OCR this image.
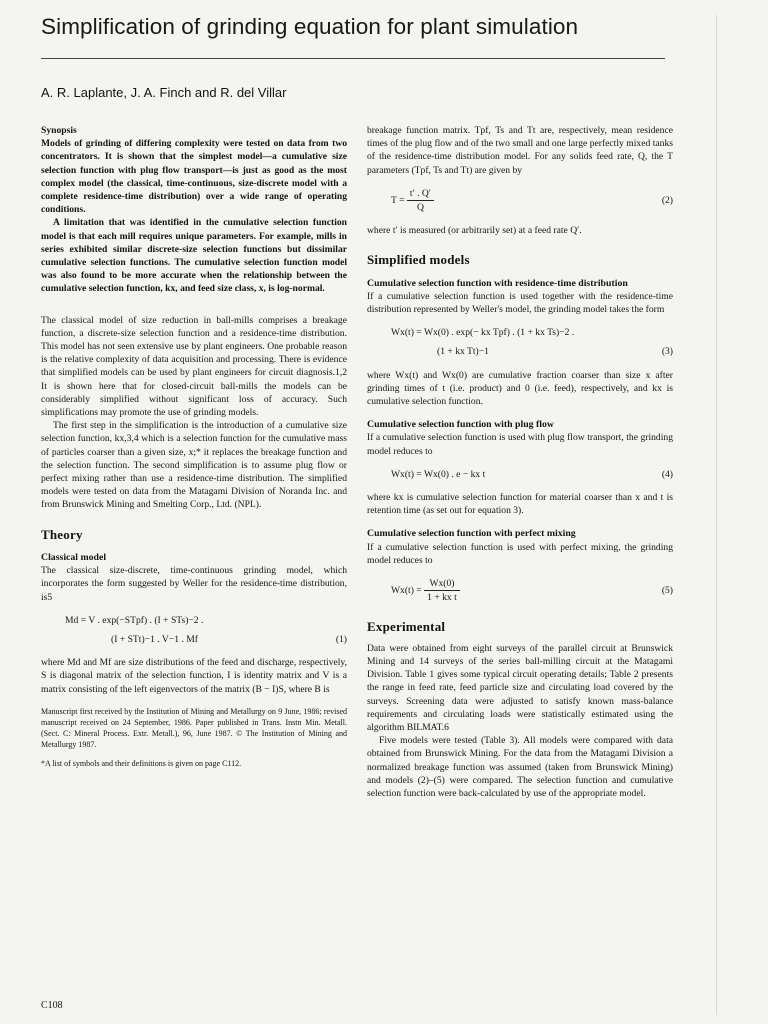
Simplification of grinding equation for plant simulation
A. R. Laplante, J. A. Finch and R. del Villar

Synopsis

Models of grinding of differing complexity were tested on data from two concentrators. It is shown that the simplest model—a cumulative size selection function with plug flow transport—is just as good as the most complex model (the classical, time-continuous, size-discrete model with a complete residence-time distribution) over a wide range of operating conditions.

A limitation that was identified in the cumulative selection function model is that each mill requires unique parameters. For example, mills in series exhibited similar discrete-size selection functions but dissimilar cumulative selection functions. The cumulative selection function model was also found to be more accurate when the relationship between the cumulative selection function, kx, and feed size class, x, is log-normal.

The classical model of size reduction in ball-mills comprises a breakage function, a discrete-size selection function and a residence-time distribution. This model has not seen extensive use by plant engineers. One probable reason is the relative complexity of data acquisition and processing. There is evidence that simplified models can be used by plant engineers for circuit diagnosis.1,2 It is shown here that for closed-circuit ball-mills the models can be considerably simplified without significant loss of accuracy. Such simplifications may promote the use of grinding models.

The first step in the simplification is the introduction of a cumulative size selection function, kx,3,4 which is a selection function for the cumulative mass of particles coarser than a given size, x;* it replaces the breakage function and the selection function. The second simplification is to assume plug flow or perfect mixing rather than use a residence-time distribution. The simplified models were tested on data from the Matagami Division of Noranda Inc. and from Brunswick Mining and Smelting Corp., Ltd. (NPL).

Theory
Classical model

The classical size-discrete, time-continuous grinding model, which incorporates the form suggested by Weller for the residence-time distribution, is5

Md = V . exp(−STpf) . (I + STs)−2 .
(I + STt)−1 . V−1 . Mf	(1)

where Md and Mf are size distributions of the feed and discharge, respectively, S is diagonal matrix of the selection function, I is identity matrix and V is a matrix consisting of the left eigenvectors of the matrix (B − I)S, where B is

Manuscript first received by the Institution of Mining and Metallurgy on 9 June, 1986; revised manuscript received on 24 September, 1986. Paper published in Trans. Instn Min. Metall. (Sect. C: Mineral Process. Extr. Metall.), 96, June 1987. © The Institution of Mining and Metallurgy 1987.

*A list of symbols and their definitions is given on page C112.

breakage function matrix. Tpf, Ts and Tt are, respectively, mean residence times of the plug flow and of the two small and one large perfectly mixed tanks of the residence-time distribution model. For any solids feed rate, Q, the T parameters (Tpf, Ts and Tt) are given by

$T = \frac{t' . Q'}{Q}$	(2)

where t′ is measured (or arbitrarily set) at a feed rate Q′.

Simplified models
Cumulative selection function with residence-time distribution

If a cumulative selection function is used together with the residence-time distribution represented by Weller's model, the grinding model takes the form

Wx(t) = Wx(0) . exp(− kx Tpf) . (1 + kx Ts)−2 .
(1 + kx Tt)−1	(3)

where Wx(t) and Wx(0) are cumulative fraction coarser than size x after grinding times of t (i.e. product) and 0 (i.e. feed), respectively, and kx is cumulative selection function.

Cumulative selection function with plug flow

If a cumulative selection function is used with plug flow transport, the grinding model reduces to

Wx(t) = Wx(0) . e − kx t	(4)

where kx is cumulative selection function for material coarser than x and t is retention time (as set out for equation 3).

Cumulative selection function with perfect mixing

If a cumulative selection function is used with perfect mixing, the grinding model reduces to

$Wx(t) = \frac{Wx(0)}{\text{1 + kx t}}$	(5)
Experimental

Data were obtained from eight surveys of the parallel circuit at Brunswick Mining and 14 surveys of the series ball-milling circuit at the Matagami Division. Table 1 gives some typical circuit operating details; Table 2 presents the range in feed rate, feed particle size and circulating load covered by the surveys. Screening data were adjusted to satisfy known mass-balance requirements and circulating loads were statistically estimated using the algorithm BILMAT.6

Five models were tested (Table 3). All models were compared with data obtained from Brunswick Mining. For the data from the Matagami Division a normalized breakage function was assumed (taken from Brunswick Mining) and models (2)–(5) were compared. The selection function and cumulative selection function were back-calculated by use of the appropriate model.

C108
